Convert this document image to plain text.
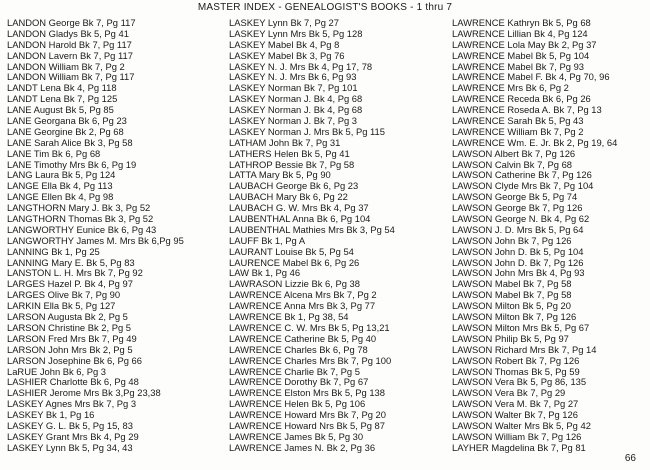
MASTER INDEX - GENEALOGIST'S BOOKS - 1 thru 7
LANDON George Bk 7, Pg 117
LANDON Gladys Bk 5, Pg 41
LANDON Harold Bk 7, Pg 117
LANDON Lavern Bk 7, Pg 117
LANDON William Bk 7, Pg 2
LANDON William Bk 7, Pg 117
LANDT Lena Bk 4, Pg 118
LANDT Lena Bk 7, Pg 125
LANE August Bk 5, Pg 85
LANE Georgana Bk 6, Pg 23
LANE Georgine Bk 2, Pg 68
LANE Sarah Alice Bk 3, Pg 58
LANE Tim Bk 6, Pg 68
LANE Timothy Mrs Bk 6, Pg 19
LANG Laura Bk 5, Pg 124
LANGE Ella Bk 4, Pg 113
LANGE Ellen Bk 4, Pg 98
LANGTHORN Mary J. Bk 3, Pg 52
LANGTHORN Thomas Bk 3, Pg 52
LANGWORTHY Eunice Bk 6, Pg 43
LANGWORTHY James M. Mrs Bk 6,Pg 95
LANNING Bk 1, Pg 25
LANNING Mary E. Bk 5, Pg 83
LANSTON L. H. Mrs Bk 7, Pg 92
LARGES Hazel P. Bk 4, Pg 97
LARGES Olive Bk 7, Pg 90
LARKIN Ella Bk 5, Pg 127
LARSON Augusta Bk 2, Pg 5
LARSON Christine Bk 2, Pg 5
LARSON Fred Mrs Bk 7, Pg 49
LARSON John Mrs Bk 2, Pg 5
LARSON Josephine Bk 6, Pg 66
LaRUE John Bk 6, Pg 3
LASHIER Charlotte Bk 6, Pg 48
LASHIER Jerome Mrs Bk 3,Pg 23,38
LASKEY Agnes Mrs Bk 7, Pg 3
LASKEY Bk 1, Pg 16
LASKEY G. L. Bk 5, Pg 15, 83
LASKEY Grant Mrs Bk 4, Pg 29
LASKEY Lynn Bk 5, Pg 34, 43
LASKEY Lynn Bk 7, Pg 27
LASKEY Lynn Mrs Bk 5, Pg 128
LASKEY Mabel Bk 4, Pg 8
LASKEY Mabel Bk 3, Pg 76
LASKEY N. J. Mrs Bk 4, Pg 17, 78
LASKEY N. J. Mrs Bk 6, Pg 93
LASKEY Norman Bk 7, Pg 101
LASKEY Norman J. Bk 4, Pg 68
LASKEY Norman J. Bk 4, Pg 68
LASKEY Norman J. Bk 7, Pg 3
LASKEY Norman J. Mrs Bk 5, Pg 115
LATHAM John Bk 7, Pg 31
LATHERS Helen Bk 5, Pg 41
LATHROP Bessie Bk 7, Pg 58
LATTA Mary Bk 5, Pg 90
LAUBACH George Bk 6, Pg 23
LAUBACH Mary Bk 6, Pg 22
LAUBACH G. W. Mrs Bk 4, Pg 37
LAUBENTHAL Anna Bk 6, Pg 104
LAUBENTHAL Mathies Mrs Bk 3, Pg 54
LAUFF Bk 1, Pg A
LAURANT Louise Bk 5, Pg 54
LAURENCE Mabel Bk 6, Pg 26
LAW Bk 1, Pg 46
LAWRASON Lizzie Bk 6, Pg 38
LAWRENCE Alcena Mrs Bk 7, Pg 2
LAWRENCE Anna Mrs Bk 3, Pg 77
LAWRENCE Bk 1, Pg 38, 54
LAWRENCE C. W. Mrs Bk 5, Pg 13,21
LAWRENCE Catherine Bk 5, Pg 40
LAWRENCE Charles Bk 6, Pg 78
LAWRENCE Charles Mrs Bk 7, Pg 100
LAWRENCE Charlie Bk 7, Pg 5
LAWRENCE Dorothy Bk 7, Pg 67
LAWRENCE Elston Mrs Bk 5, Pg 138
LAWRENCE Helen Bk 5, Pg 106
LAWRENCE Howard Mrs Bk 7, Pg 20
LAWRENCE Howard Nrs Bk 5, Pg 87
LAWRENCE James Bk 5, Pg 30
LAWRENCE James N. Bk 2, Pg 36
LAWRENCE Kathryn Bk 5, Pg 68
LAWRENCE Lillian Bk 4, Pg 124
LAWRENCE Lola May Bk 2, Pg 37
LAWRENCE Mabel Bk 5, Pg 104
LAWRENCE Mabel Bk 7, Pg 93
LAWRENCE Mabel F. Bk 4, Pg 70, 96
LAWRENCE Mrs Bk 6, Pg 2
LAWRENCE Receda Bk 6, Pg 26
LAWRENCE Roseda A. Bk 7, Pg 13
LAWRENCE Sarah Bk 5, Pg 43
LAWRENCE William Bk 7, Pg 2
LAWRENCE Wm. E. Jr. Bk 2, Pg 19, 64
LAWSON Albert Bk 7, Pg 126
LAWSON Calvin Bk 7, Pg 68
LAWSON Catherine Bk 7, Pg 126
LAWSON Clyde Mrs Bk 7, Pg 104
LAWSON George Bk 5, Pg 74
LAWSON George Bk 7, Pg 126
LAWSON George N. Bk 4, Pg 62
LAWSON J. D. Mrs Bk 5, Pg 64
LAWSON John Bk 7, Pg 126
LAWSON John D. Bk 5, Pg 104
LAWSON John D. Bk 7, Pg 126
LAWSON John Mrs Bk 4, Pg 93
LAWSON Mabel Bk 7, Pg 58
LAWSON Mabel Bk 7, Pg 58
LAWSON Milton Bk 5, Pg 20
LAWSON Milton Bk 7, Pg 126
LAWSON Milton Mrs Bk 5, Pg 67
LAWSON Philip Bk 5, Pg 97
LAWSON Richard Mrs Bk 7, Pg 14
LAWSON Robert Bk 7, Pg 126
LAWSON Thomas Bk 5, Pg 59
LAWSON Vera Bk 5, Pg 86, 135
LAWSON Vera Bk 7, Pg 29
LAWSON Vera M. Bk 7, Pg 27
LAWSON Walter Bk 7, Pg 126
LAWSON Walter Mrs Bk 5, Pg 42
LAWSON William Bk 7, Pg 126
LAYHER Magdelina Bk 7, Pg 81
66
